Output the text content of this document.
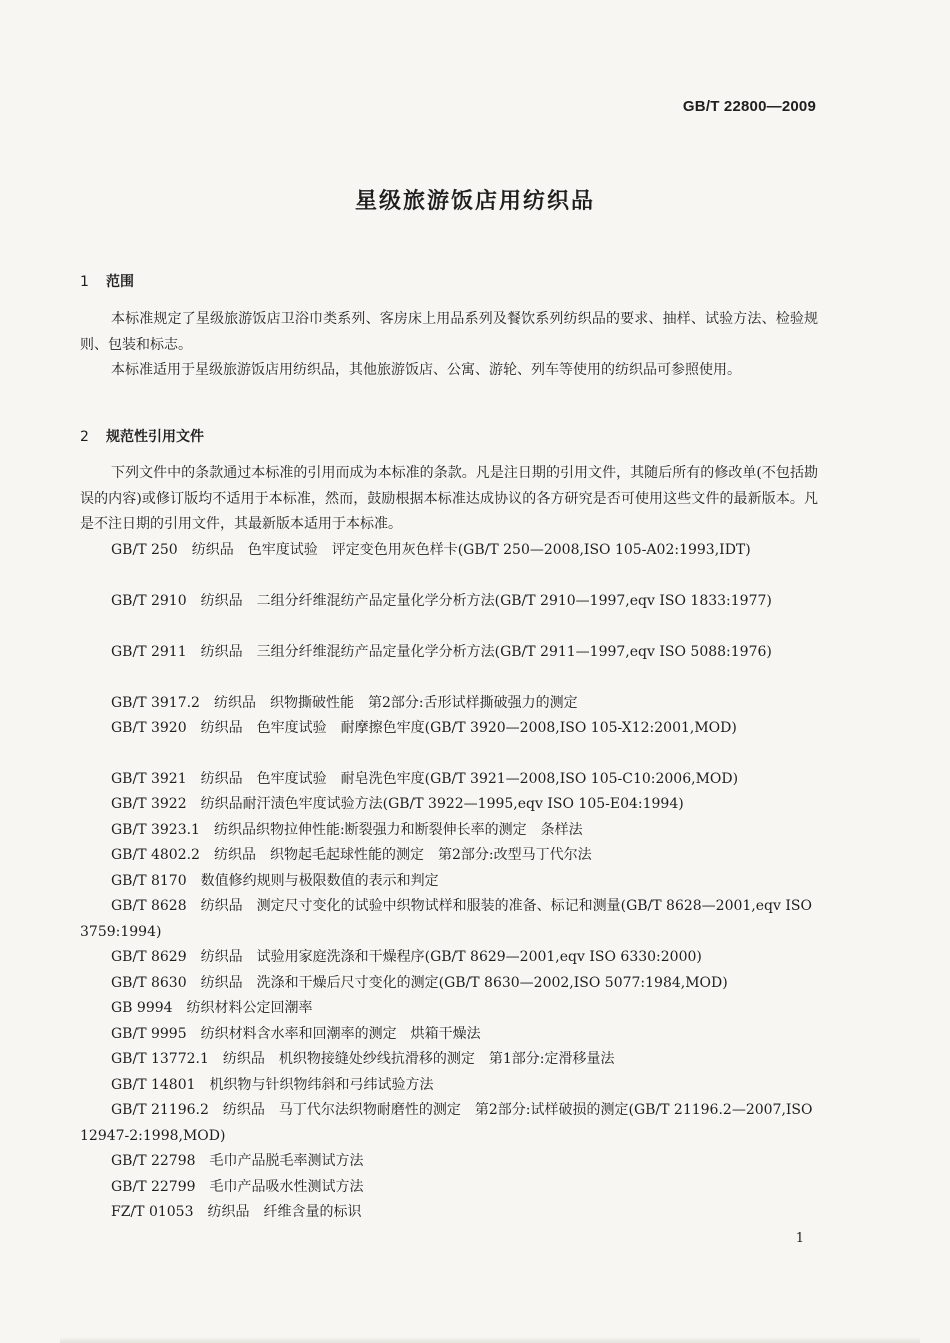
GB/T 22800—2009
星级旅游饭店用纺织品
1 范围
本标准规定了星级旅游饭店卫浴巾类系列、客房床上用品系列及餐饮系列纺织品的要求、抽样、试验方法、检验规则、包装和标志。
本标准适用于星级旅游饭店用纺织品，其他旅游饭店、公寓、游轮、列车等使用的纺织品可参照使用。
2 规范性引用文件
下列文件中的条款通过本标准的引用而成为本标准的条款。凡是注日期的引用文件，其随后所有的修改单(不包括勘误的内容)或修订版均不适用于本标准，然而，鼓励根据本标准达成协议的各方研究是否可使用这些文件的最新版本。凡是不注日期的引用文件，其最新版本适用于本标准。
GB/T 250　纺织品　色牢度试验　评定变色用灰色样卡(GB/T 250—2008,ISO 105-A02:1993,IDT)
GB/T 2910　纺织品　二组分纤维混纺产品定量化学分析方法(GB/T 2910—1997,eqv ISO 1833:1977)
GB/T 2911　纺织品　三组分纤维混纺产品定量化学分析方法(GB/T 2911—1997,eqv ISO 5088:1976)
GB/T 3917.2　纺织品　织物撕破性能　第2部分:舌形试样撕破强力的测定
GB/T 3920　纺织品　色牢度试验　耐摩擦色牢度(GB/T 3920—2008,ISO 105-X12:2001,MOD)
GB/T 3921　纺织品　色牢度试验　耐皂洗色牢度(GB/T 3921—2008,ISO 105-C10:2006,MOD)
GB/T 3922　纺织品耐汗渍色牢度试验方法(GB/T 3922—1995,eqv ISO 105-E04:1994)
GB/T 3923.1　纺织品织物拉伸性能:断裂强力和断裂伸长率的测定　条样法
GB/T 4802.2　纺织品　织物起毛起球性能的测定　第2部分:改型马丁代尔法
GB/T 8170　数值修约规则与极限数值的表示和判定
GB/T 8628　纺织品　测定尺寸变化的试验中织物试样和服装的准备、标记和测量(GB/T 8628—2001,eqv ISO 3759:1994)
GB/T 8629　纺织品　试验用家庭洗涤和干燥程序(GB/T 8629—2001,eqv ISO 6330:2000)
GB/T 8630　纺织品　洗涤和干燥后尺寸变化的测定(GB/T 8630—2002,ISO 5077:1984,MOD)
GB 9994　纺织材料公定回潮率
GB/T 9995　纺织材料含水率和回潮率的测定　烘箱干燥法
GB/T 13772.1　纺织品　机织物接缝处纱线抗滑移的测定　第1部分:定滑移量法
GB/T 14801　机织物与针织物纬斜和弓纬试验方法
GB/T 21196.2　纺织品　马丁代尔法织物耐磨性的测定　第2部分:试样破损的测定(GB/T 21196.2—2007,ISO 12947-2:1998,MOD)
GB/T 22798　毛巾产品脱毛率测试方法
GB/T 22799　毛巾产品吸水性测试方法
FZ/T 01053　纺织品　纤维含量的标识
1
